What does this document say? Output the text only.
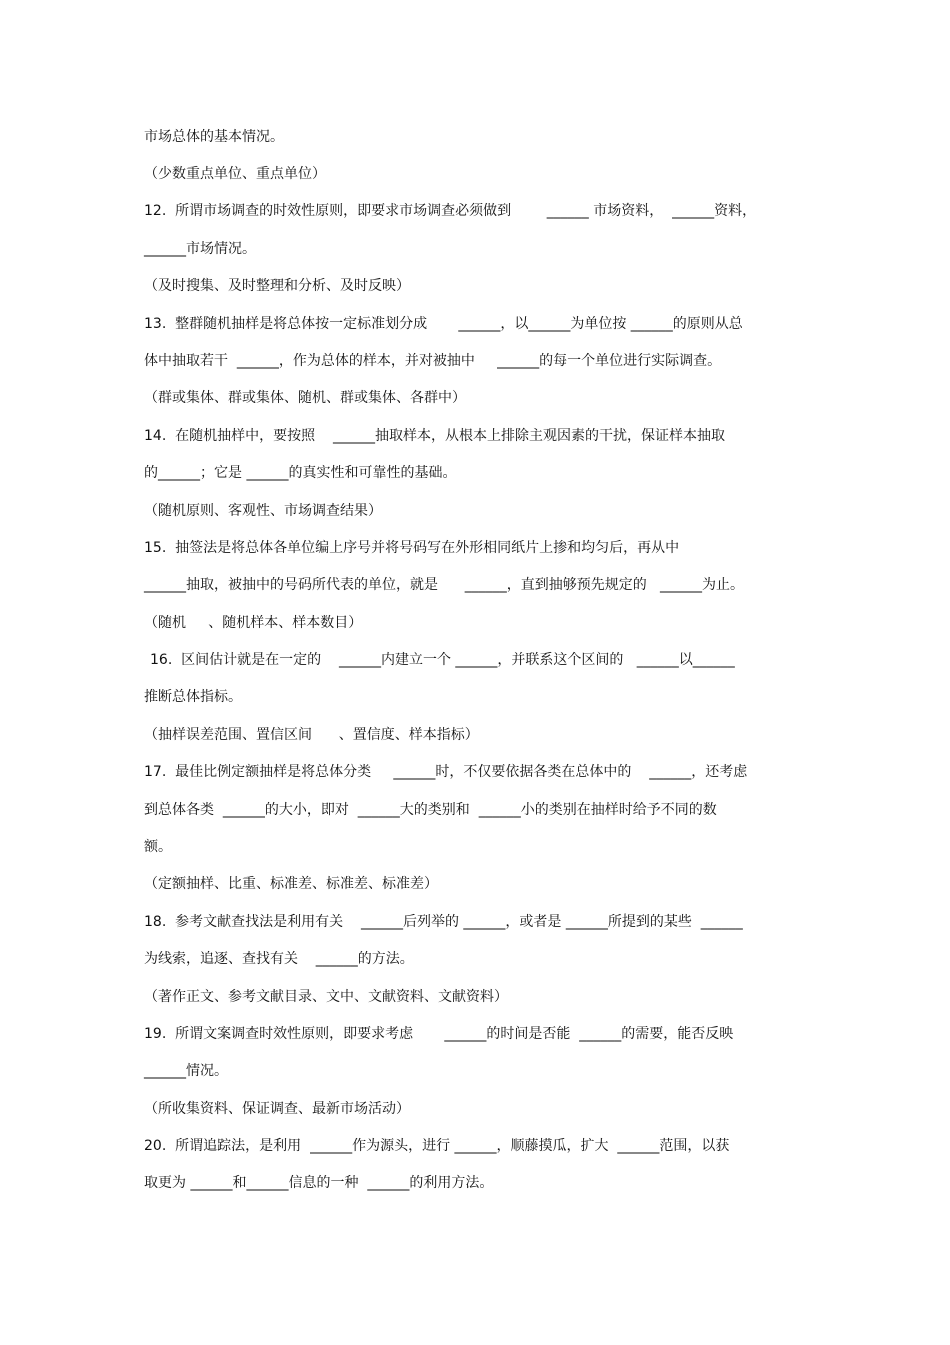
市场总体的基本情况。
（少数重点单位、重点单位）
12.  所谓市场调查的时效性原则，即要求市场调查必须做到        ______ 市场资料，  ______资料，
______市场情况。
（及时搜集、及时整理和分析、及时反映）
13.  整群随机抽样是将总体按一定标准划分成       ______，以______为单位按 ______的原则从总
体中抽取若干  ______，作为总体的样本，并对被抽中     ______的每一个单位进行实际调查。
（群或集体、群或集体、随机、群或集体、各群中）
14.  在随机抽样中，要按照    ______抽取样本，从根本上排除主观因素的干扰，保证样本抽取
的______；它是 ______的真实性和可靠性的基础。
（随机原则、客观性、市场调查结果）
15.  抽签法是将总体各单位编上序号并将号码写在外形相同纸片上掺和均匀后，再从中
______抽取，被抽中的号码所代表的单位，就是      ______，直到抽够预先规定的   ______为止。
（随机     、随机样本、样本数目）
16.  区间估计就是在一定的    ______内建立一个 ______，并联系这个区间的   ______以______
推断总体指标。
（抽样误差范围、置信区间      、置信度、样本指标）
17.  最佳比例定额抽样是将总体分类     ______时，不仅要依据各类在总体中的    ______，还考虑
到总体各类  ______的大小，即对  ______大的类别和  ______小的类别在抽样时给予不同的数
额。
（定额抽样、比重、标准差、标准差、标准差）
18.  参考文献查找法是利用有关    ______后列举的 ______，或者是 ______所提到的某些  ______
为线索，追逐、查找有关    ______的方法。
（著作正文、参考文献目录、文中、文献资料、文献资料）
19.  所谓文案调查时效性原则，即要求考虑       ______的时间是否能  ______的需要，能否反映
______情况。
（所收集资料、保证调查、最新市场活动）
20.  所谓追踪法，是利用  ______作为源头，进行 ______，顺藤摸瓜，扩大  ______范围，以获
取更为 ______和______信息的一种  ______的利用方法。
